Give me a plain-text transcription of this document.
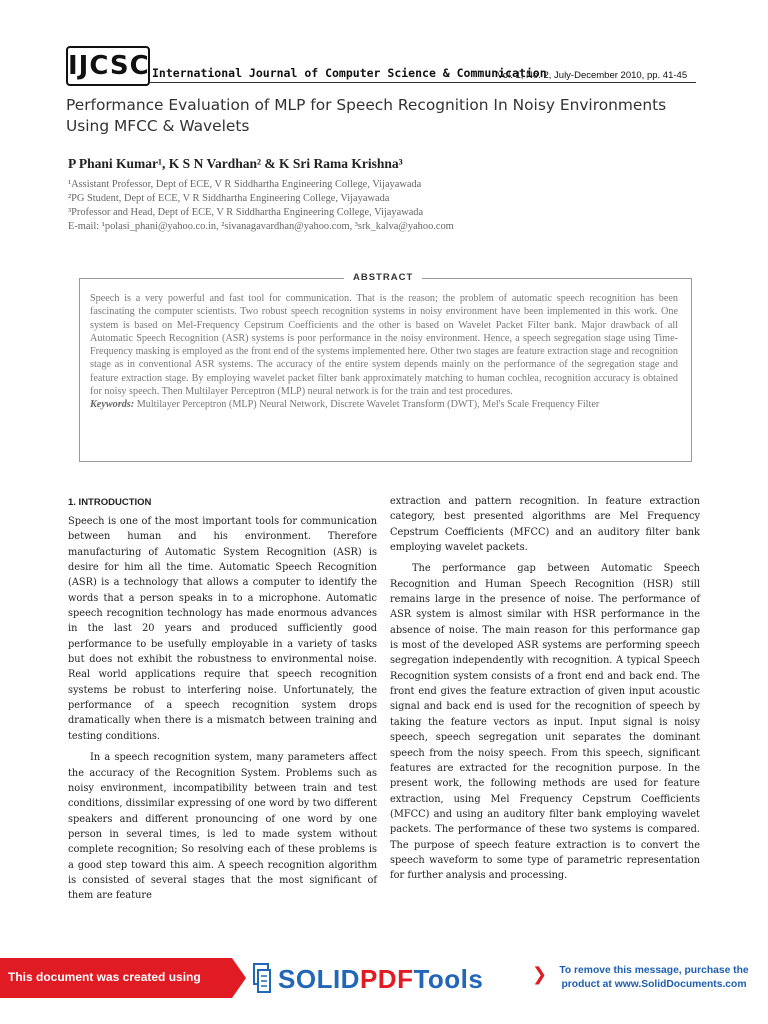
IJCSC International Journal of Computer Science & Communication
Vol. 1, No. 2, July-December 2010, pp. 41-45
Performance Evaluation of MLP for Speech Recognition In Noisy Environments
Using MFCC & Wavelets
P Phani Kumar¹, K S N Vardhan² & K Sri Rama Krishna³
¹Assistant Professor, Dept of ECE, V R Siddhartha Engineering College, Vijayawada
²PG Student, Dept of ECE, V R Siddhartha Engineering College, Vijayawada
³Professor and Head, Dept of ECE, V R Siddhartha Engineering College, Vijayawada
E-mail: ¹polasi_phani@yahoo.co.in, ²sivanagavardhan@yahoo.com, ³srk_kalva@yahoo.com
ABSTRACT
Speech is a very powerful and fast tool for communication. That is the reason; the problem of automatic speech recognition has been fascinating the computer scientists. Two robust speech recognition systems in noisy environment have been implemented in this work. One system is based on Mel-Frequency Cepstrum Coefficients and the other is based on Wavelet Packet Filter bank. Major drawback of all Automatic Speech Recognition (ASR) systems is poor performance in the noisy environment. Hence, a speech segregation stage using Time-Frequency masking is employed as the front end of the systems implemented here. Other two stages are feature extraction stage and recognition stage as in conventional ASR systems. The accuracy of the entire system depends mainly on the performance of the segregation stage and feature extraction stage. By employing wavelet packet filter bank approximately matching to human cochlea, recognition accuracy is obtained for noisy speech. Then Multilayer Perceptron (MLP) neural network is for the train and test procedures.
Keywords: Multilayer Perceptron (MLP) Neural Network, Discrete Wavelet Transform (DWT), Mel's Scale Frequency Filter
1. INTRODUCTION

Speech is one of the most important tools for communication between human and his environment. Therefore manufacturing of Automatic System Recognition (ASR) is desire for him all the time. Automatic Speech Recognition (ASR) is a technology that allows a computer to identify the words that a person speaks in to a microphone. Automatic speech recognition technology has made enormous advances in the last 20 years and produced sufficiently good performance to be usefully employable in a variety of tasks but does not exhibit the robustness to environmental noise. Real world applications require that speech recognition systems be robust to interfering noise. Unfortunately, the performance of a speech recognition system drops dramatically when there is a mismatch between training and testing conditions.

In a speech recognition system, many parameters affect the accuracy of the Recognition System. Problems such as noisy environment, incompatibility between train and test conditions, dissimilar expressing of one word by two different speakers and different pronouncing of one word by one person in several times, is led to made system without complete recognition; So resolving each of these problems is a good step toward this aim. A speech recognition algorithm is consisted of several stages that the most significant of them are feature

extraction and pattern recognition. In feature extraction category, best presented algorithms are Mel Frequency Cepstrum Coefficients (MFCC) and an auditory filter bank employing wavelet packets.

The performance gap between Automatic Speech Recognition and Human Speech Recognition (HSR) still remains large in the presence of noise. The performance of ASR system is almost similar with HSR performance in the absence of noise. The main reason for this performance gap is most of the developed ASR systems are performing speech segregation independently with recognition. A typical Speech Recognition system consists of a front end and back end. The front end gives the feature extraction of given input acoustic signal and back end is used for the recognition of speech by taking the feature vectors as input. Input signal is noisy speech, speech segregation unit separates the dominant speech from the noisy speech. From this speech, significant features are extracted for the recognition purpose. In the present work, the following methods are used for feature extraction, using Mel Frequency Cepstrum Coefficients (MFCC) and using an auditory filter bank employing wavelet packets. The performance of these two systems is compared. The purpose of speech feature extraction is to convert the speech waveform to some type of parametric representation for further analysis and processing.

This document was created using	SOLIDPDFTools	❯	To remove this message, purchase the product at www.SolidDocuments.com
